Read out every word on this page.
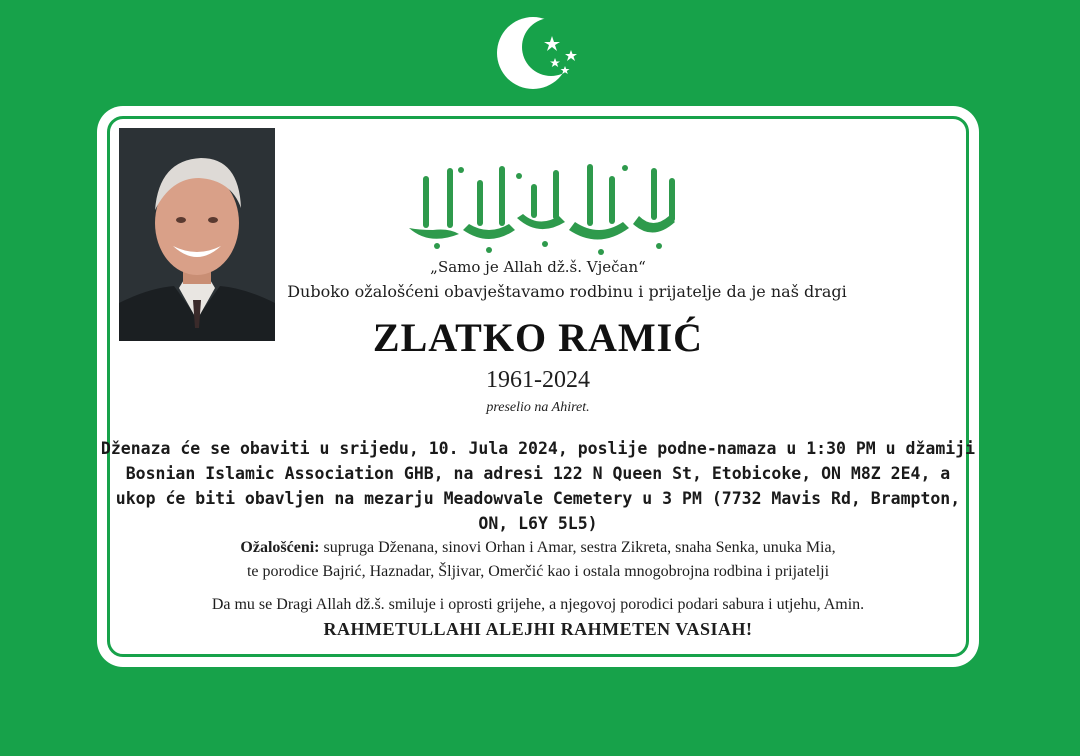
„Samo je Allah dž.š. Vječan“
Duboko ožalošćeni obavještavamo rodbinu i prijatelje da je naš dragi
ZLATKO RAMIĆ
1961-2024
preselio na Ahiret.
Dženaza će se obaviti u srijedu, 10. Jula 2024, poslije podne-namaza u 1:30 PM u džamiji
Bosnian Islamic Association GHB, na adresi 122 N Queen St, Etobicoke, ON M8Z 2E4, a
ukop će biti obavljen na mezarju Meadowvale Cemetery u 3 PM (7732 Mavis Rd, Brampton,
ON, L6Y 5L5)
Ožalošćeni: supruga Dženana, sinovi Orhan i Amar, sestra Zikreta, snaha Senka, unuka Mia,
te porodice Bajrić, Haznadar, Šljivar, Omerčić kao i ostala mnogobrojna rodbina i prijatelji
Da mu se Dragi Allah dž.š. smiluje i oprosti grijehe, a njegovoj porodici podari sabura i utjehu, Amin.
RAHMETULLAHI ALEJHI RAHMETEN VASIAH!
